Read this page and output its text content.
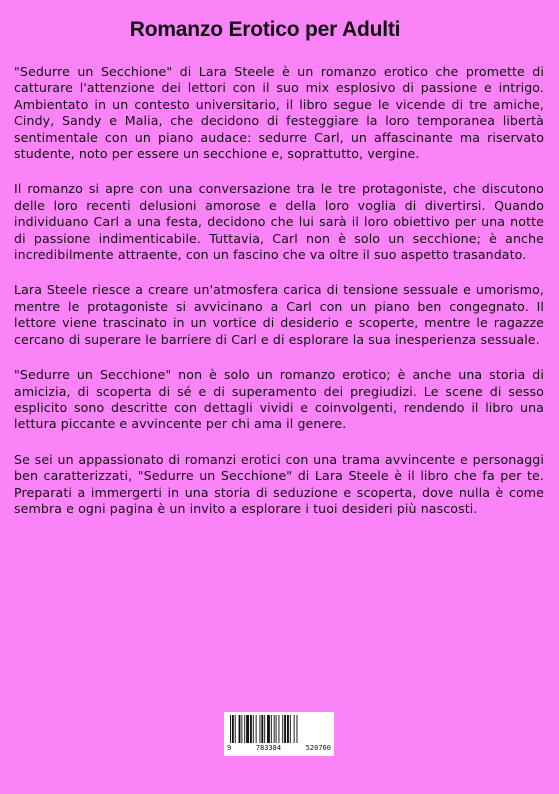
Romanzo Erotico per Adulti

"Sedurre un Secchione" di Lara Steele è un romanzo erotico che promette di catturare l'attenzione dei lettori con il suo mix esplosivo di passione e intrigo. Ambientato in un contesto universitario, il libro segue le vicende di tre amiche, Cindy, Sandy e Malia, che decidono di festeggiare la loro temporanea libertà sentimentale con un piano audace: sedurre Carl, un affascinante ma riservato studente, noto per essere un secchione e, soprattutto, vergine.

Il romanzo si apre con una conversazione tra le tre protagoniste, che discutono delle loro recenti delusioni amorose e della loro voglia di divertirsi. Quando individuano Carl a una festa, decidono che lui sarà il loro obiettivo per una notte di passione indimenticabile. Tuttavia, Carl non è solo un secchione; è anche incredibilmente attraente, con un fascino che va oltre il suo aspetto trasandato.

Lara Steele riesce a creare un'atmosfera carica di tensione sessuale e umorismo, mentre le protagoniste si avvicinano a Carl con un piano ben congegnato. Il lettore viene trascinato in un vortice di desiderio e scoperte, mentre le ragazze cercano di superare le barriere di Carl e di esplorare la sua inesperienza sessuale.

"Sedurre un Secchione" non è solo un romanzo erotico; è anche una storia di amicizia, di scoperta di sé e di superamento dei pregiudizi. Le scene di sesso esplicito sono descritte con dettagli vividi e coinvolgenti, rendendo il libro una lettura piccante e avvincente per chi ama il genere.

Se sei un appassionato di romanzi erotici con una trama avvincente e personaggi ben caratterizzati, "Sedurre un Secchione" di Lara Steele è il libro che fa per te. Preparati a immergerti in una storia di seduzione e scoperta, dove nulla è come sembra e ogni pagina è un invito a esplorare i tuoi desideri più nascosti.

9	783384	520760
